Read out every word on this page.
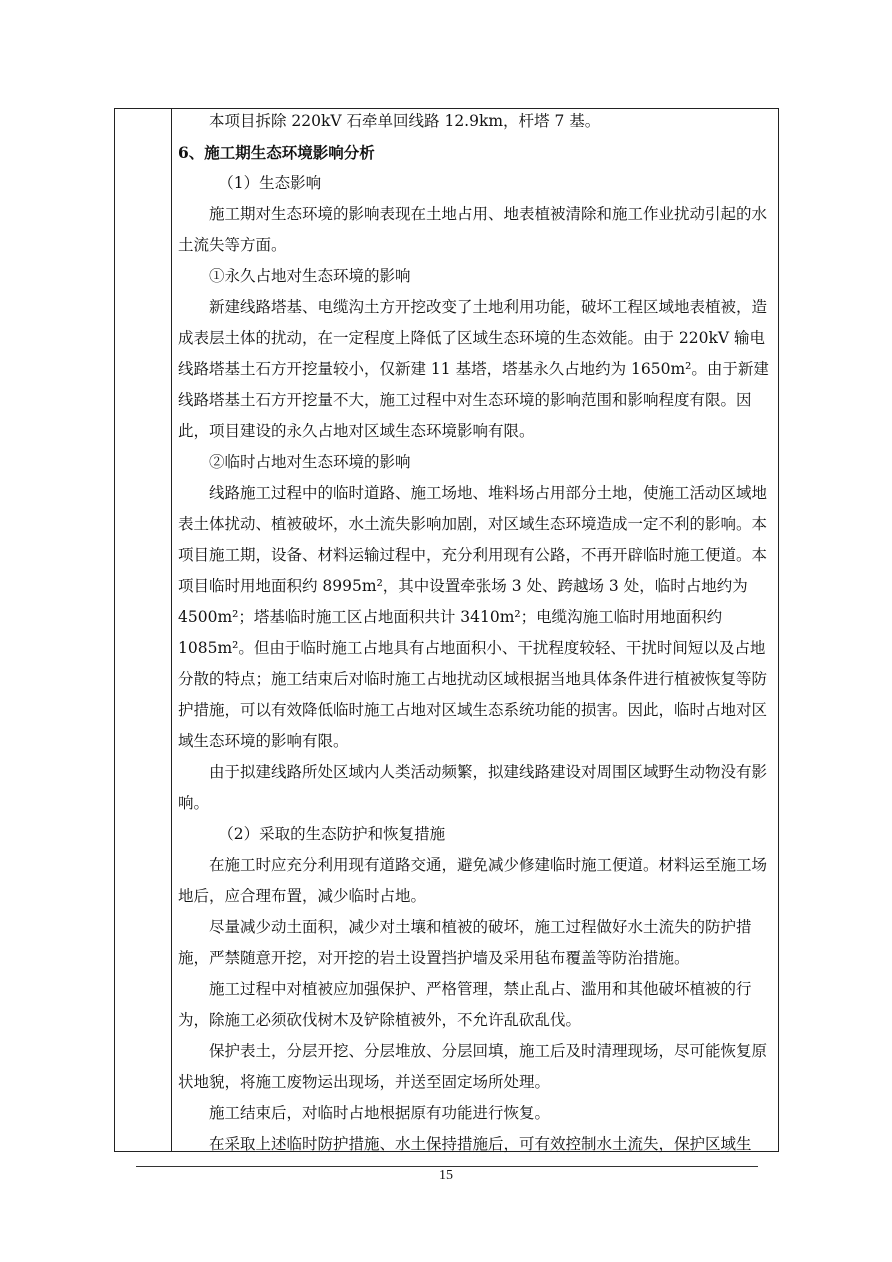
本项目拆除 220kV 石牵单回线路 12.9km，杆塔 7 基。

6、施工期生态环境影响分析

（1）生态影响

施工期对生态环境的影响表现在土地占用、地表植被清除和施工作业扰动引起的水土流失等方面。

①永久占地对生态环境的影响

新建线路塔基、电缆沟土方开挖改变了土地利用功能，破坏工程区域地表植被，造成表层土体的扰动，在一定程度上降低了区域生态环境的生态效能。由于 220kV 输电线路塔基土石方开挖量较小，仅新建 11 基塔，塔基永久占地约为 1650m²。由于新建线路塔基土石方开挖量不大，施工过程中对生态环境的影响范围和影响程度有限。因此，项目建设的永久占地对区域生态环境影响有限。

②临时占地对生态环境的影响

线路施工过程中的临时道路、施工场地、堆料场占用部分土地，使施工活动区域地表土体扰动、植被破坏，水土流失影响加剧，对区域生态环境造成一定不利的影响。本项目施工期，设备、材料运输过程中，充分利用现有公路，不再开辟临时施工便道。本项目临时用地面积约 8995m²，其中设置牵张场 3 处、跨越场 3 处，临时占地约为 4500m²；塔基临时施工区占地面积共计 3410m²；电缆沟施工临时用地面积约 1085m²。但由于临时施工占地具有占地面积小、干扰程度较轻、干扰时间短以及占地分散的特点；施工结束后对临时施工占地扰动区域根据当地具体条件进行植被恢复等防护措施，可以有效降低临时施工占地对区域生态系统功能的损害。因此，临时占地对区域生态环境的影响有限。

由于拟建线路所处区域内人类活动频繁，拟建线路建设对周围区域野生动物没有影响。

（2）采取的生态防护和恢复措施

在施工时应充分利用现有道路交通，避免减少修建临时施工便道。材料运至施工场地后，应合理布置，减少临时占地。

尽量减少动土面积，减少对土壤和植被的破坏，施工过程做好水土流失的防护措施，严禁随意开挖，对开挖的岩土设置挡护墙及采用毡布覆盖等防治措施。

施工过程中对植被应加强保护、严格管理，禁止乱占、滥用和其他破坏植被的行为，除施工必须砍伐树木及铲除植被外，不允许乱砍乱伐。

保护表土，分层开挖、分层堆放、分层回填，施工后及时清理现场，尽可能恢复原状地貌，将施工废物运出现场，并送至固定场所处理。

施工结束后，对临时占地根据原有功能进行恢复。

在采取上述临时防护措施、水土保持措施后，可有效控制水土流失，保护区域生

15
